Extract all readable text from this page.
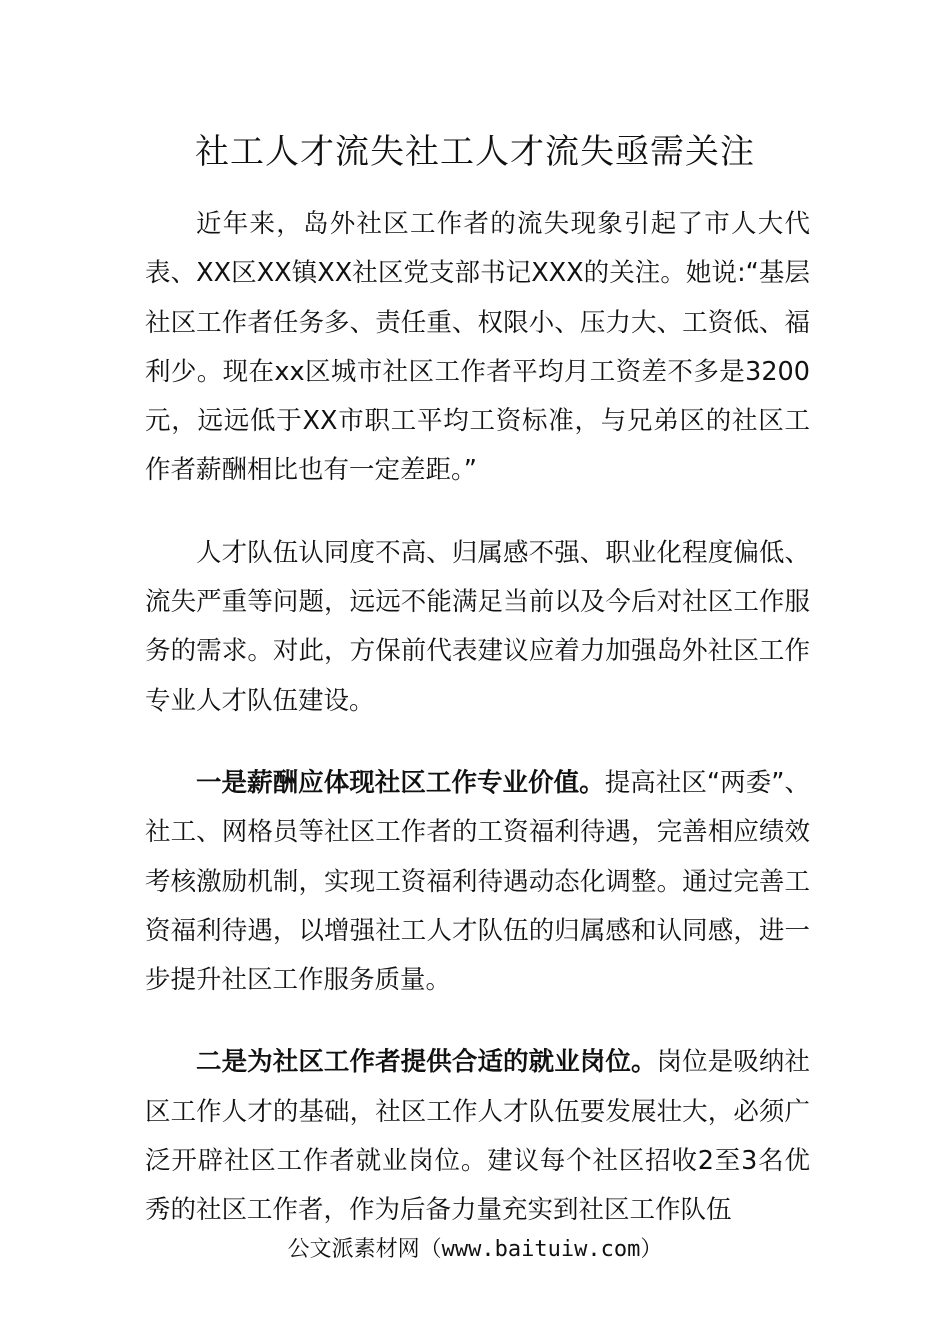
社工人才流失社工人才流失亟需关注

近年来，岛外社区工作者的流失现象引起了市人大代表、XX区XX镇XX社区党支部书记XXX的关注。她说:“基层社区工作者任务多、责任重、权限小、压力大、工资低、福利少。现在xx区城市社区工作者平均月工资差不多是3200元，远远低于XX市职工平均工资标准，与兄弟区的社区工作者薪酬相比也有一定差距。”

人才队伍认同度不高、归属感不强、职业化程度偏低、流失严重等问题，远远不能满足当前以及今后对社区工作服务的需求。对此，方保前代表建议应着力加强岛外社区工作专业人才队伍建设。

一是薪酬应体现社区工作专业价值。提高社区“两委”、社工、网格员等社区工作者的工资福利待遇，完善相应绩效考核激励机制，实现工资福利待遇动态化调整。通过完善工资福利待遇，以增强社工人才队伍的归属感和认同感，进一步提升社区工作服务质量。

二是为社区工作者提供合适的就业岗位。岗位是吸纳社区工作人才的基础，社区工作人才队伍要发展壮大，必须广泛开辟社区工作者就业岗位。建议每个社区招收2至3名优秀的社区工作者，作为后备力量充实到社区工作队伍

公文派素材网（www.baituiw.com）
